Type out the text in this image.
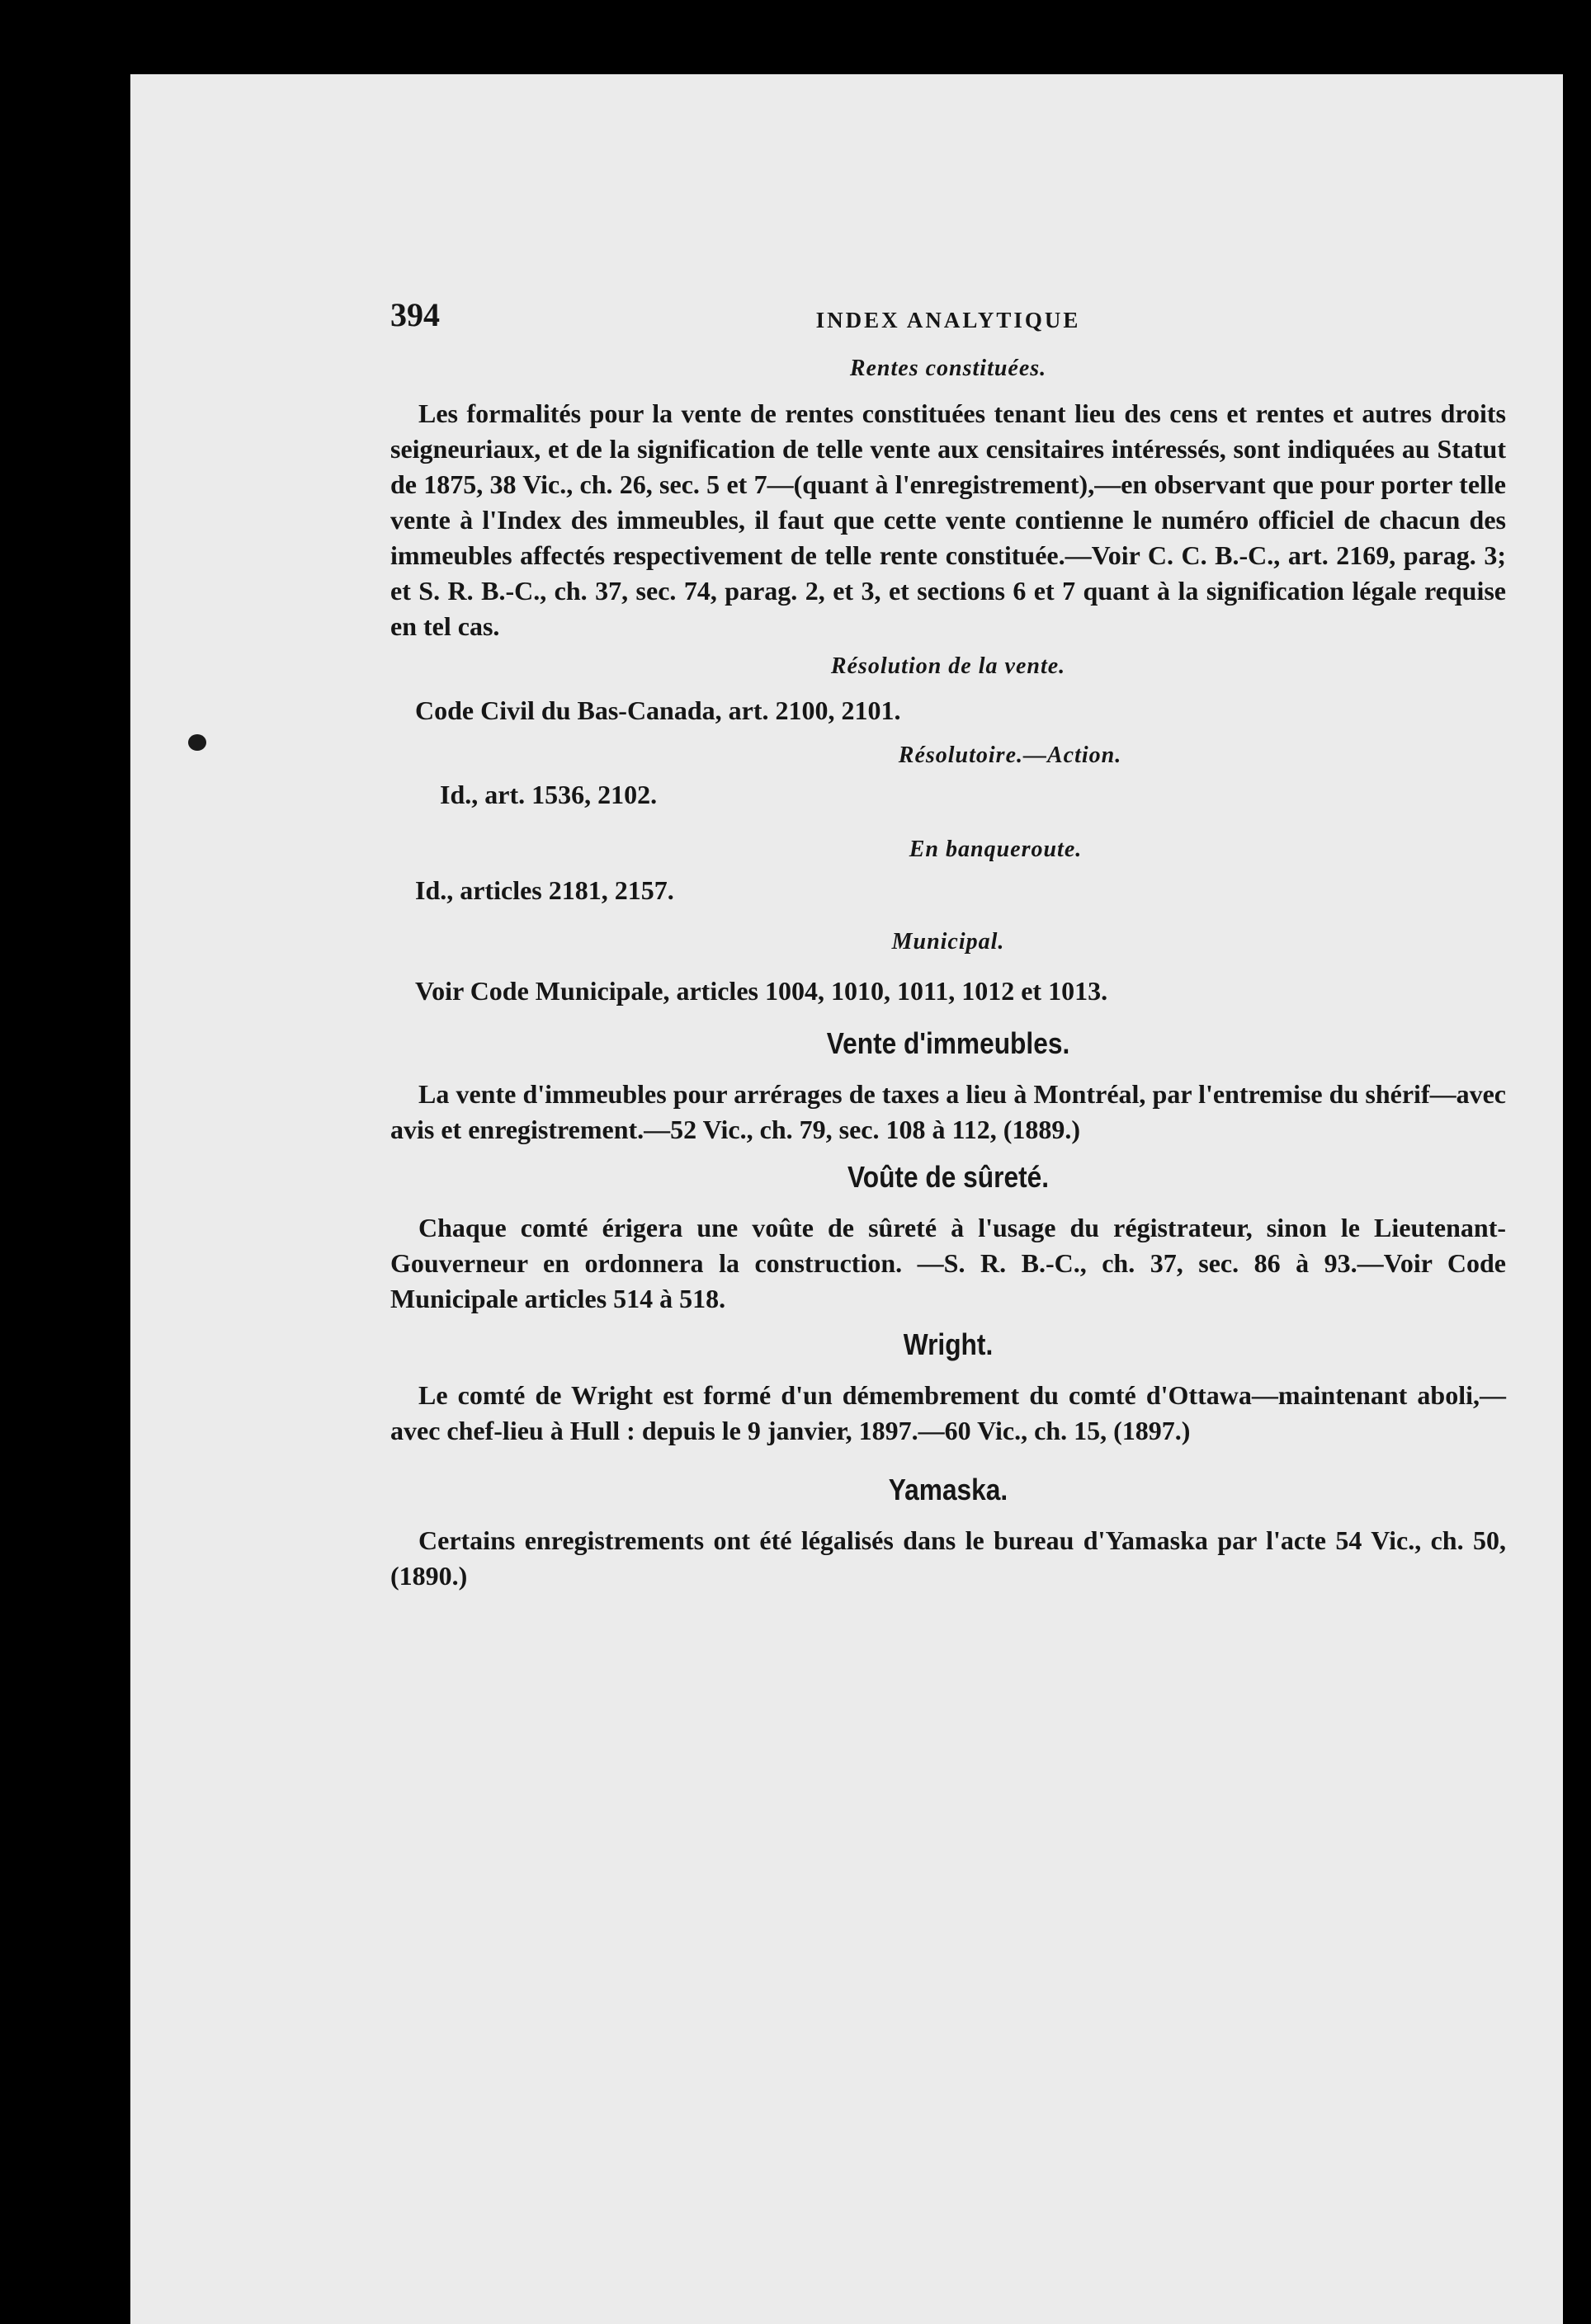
394	INDEX ANALYTIQUE

Rentes constituées.

Les formalités pour la vente de rentes constituées tenant lieu des cens et rentes et autres droits seigneuriaux, et de la signification de telle vente aux censitaires intéressés, sont indiquées au Statut de 1875, 38 Vic., ch. 26, sec. 5 et 7—(quant à l'enregistrement),—en observant que pour porter telle vente à l'Index des immeubles, il faut que cette vente contienne le numéro officiel de chacun des immeubles affectés respectivement de telle rente constituée.—Voir C. C. B.-C., art. 2169, parag. 3; et S. R. B.-C., ch. 37, sec. 74, parag. 2, et 3, et sections 6 et 7 quant à la signification légale requise en tel cas.

Résolution de la vente.

Code Civil du Bas-Canada, art. 2100, 2101.

Résolutoire.—Action.

Id., art. 1536, 2102.

En banqueroute.

Id., articles 2181, 2157.

Municipal.

Voir Code Municipale, articles 1004, 1010, 1011, 1012 et 1013.

Vente d'immeubles.

La vente d'immeubles pour arrérages de taxes a lieu à Montréal, par l'entremise du shérif—avec avis et enregistrement.—52 Vic., ch. 79, sec. 108 à 112, (1889.)

Voûte de sûreté.

Chaque comté érigera une voûte de sûreté à l'usage du régistrateur, sinon le Lieutenant-Gouverneur en ordonnera la construction. —S. R. B.-C., ch. 37, sec. 86 à 93.—Voir Code Municipale articles 514 à 518.

Wright.

Le comté de Wright est formé d'un démembrement du comté d'Ottawa—maintenant aboli,—avec chef-lieu à Hull : depuis le 9 janvier, 1897.—60 Vic., ch. 15, (1897.)

Yamaska.

Certains enregistrements ont été légalisés dans le bureau d'Yamaska par l'acte 54 Vic., ch. 50, (1890.)
